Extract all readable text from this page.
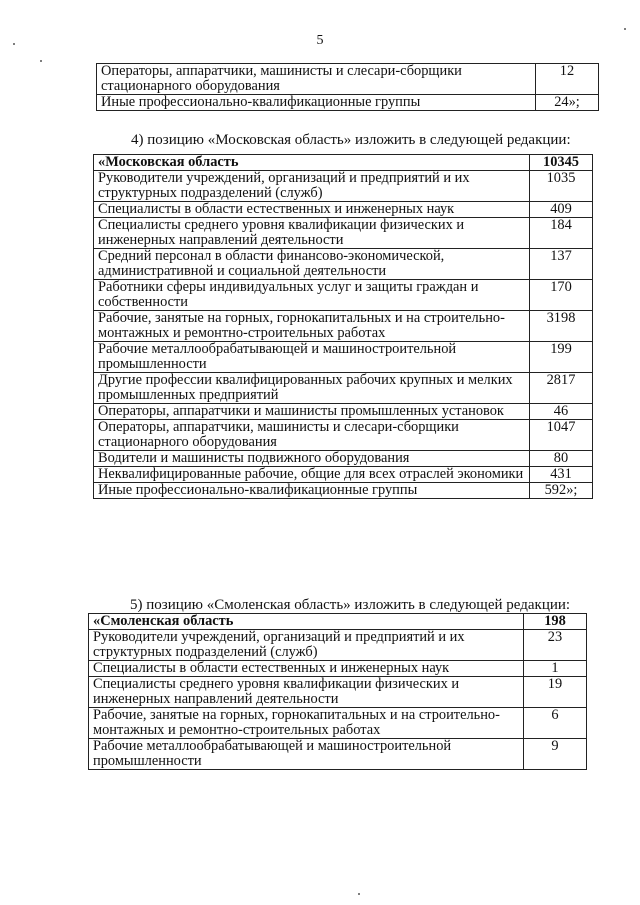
5
Операторы, аппаратчики, машинисты и слесари-сборщики стационарного оборудования	12
Иные профессионально-квалификационные группы	24»;
4) позицию «Московская область» изложить в следующей редакции:
«Московская область	10345
Руководители учреждений, организаций и предприятий и их структурных подразделений (служб)	1035
Специалисты в области естественных и инженерных наук	409
Специалисты среднего уровня квалификации физических и инженерных направлений деятельности	184
Средний персонал в области финансово-экономической, административной и социальной деятельности	137
Работники сферы индивидуальных услуг и защиты граждан и собственности	170
Рабочие, занятые на горных, горнокапитальных и на строительно-монтажных и ремонтно-строительных работах	3198
Рабочие металлообрабатывающей и машиностроительной промышленности	199
Другие профессии квалифицированных рабочих крупных и мелких промышленных предприятий	2817
Операторы, аппаратчики и машинисты промышленных установок	46
Операторы, аппаратчики, машинисты и слесари-сборщики стационарного оборудования	1047
Водители и машинисты подвижного оборудования	80
Неквалифицированные рабочие, общие для всех отраслей экономики	431
Иные профессионально-квалификационные группы	592»;
5) позицию «Смоленская область» изложить в следующей редакции:
«Смоленская область	198
Руководители учреждений, организаций и предприятий и их структурных подразделений (служб)	23
Специалисты в области естественных и инженерных наук	1
Специалисты среднего уровня квалификации физических и инженерных направлений деятельности	19
Рабочие, занятые на горных, горнокапитальных и на строительно-монтажных и ремонтно-строительных работах	6
Рабочие металлообрабатывающей и машиностроительной промышленности	9
